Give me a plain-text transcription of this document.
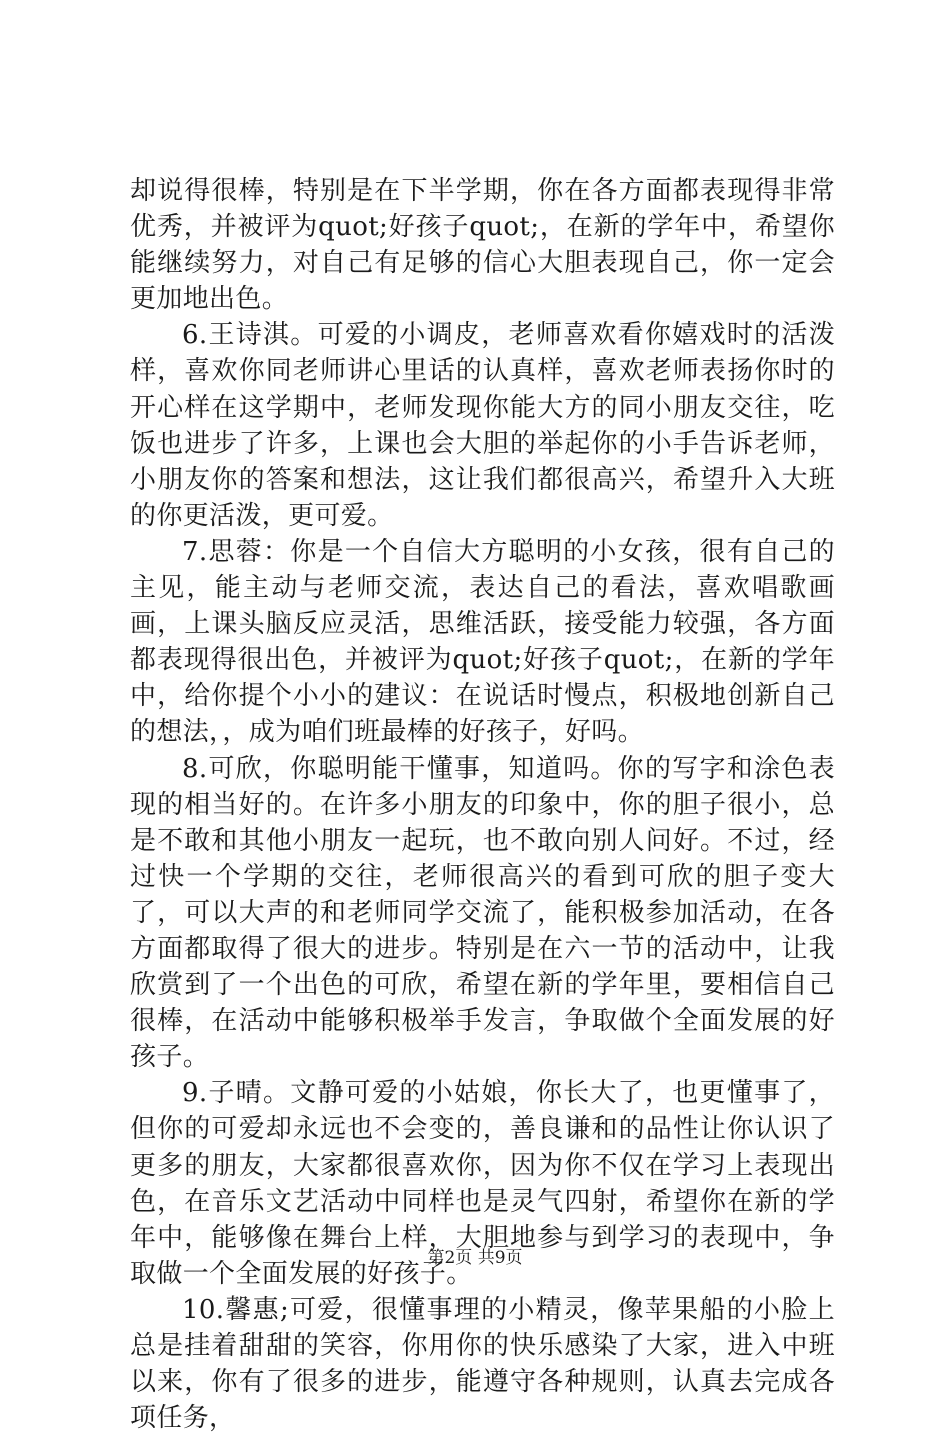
却说得很棒，特别是在下半学期，你在各方面都表现得非常优秀，并被评为quot;好孩子quot;，在新的学年中，希望你能继续努力，对自己有足够的信心大胆表现自己，你一定会更加地出色。

6.王诗淇。可爱的小调皮，老师喜欢看你嬉戏时的活泼样，喜欢你同老师讲心里话的认真样，喜欢老师表扬你时的开心样在这学期中，老师发现你能大方的同小朋友交往，吃饭也进步了许多，上课也会大胆的举起你的小手告诉老师，小朋友你的答案和想法，这让我们都很高兴，希望升入大班的你更活泼，更可爱。

7.思蓉：你是一个自信大方聪明的小女孩，很有自己的主见，能主动与老师交流，表达自己的看法，喜欢唱歌画画，上课头脑反应灵活，思维活跃，接受能力较强，各方面都表现得很出色，并被评为quot;好孩子quot;，在新的学年中，给你提个小小的建议：在说话时慢点，积极地创新自己的想法，，成为咱们班最棒的好孩子，好吗。

8.可欣，你聪明能干懂事，知道吗。你的写字和涂色表现的相当好的。在许多小朋友的印象中，你的胆子很小，总是不敢和其他小朋友一起玩，也不敢向别人问好。不过，经过快一个学期的交往，老师很高兴的看到可欣的胆子变大了，可以大声的和老师同学交流了，能积极参加活动，在各方面都取得了很大的进步。特别是在六一节的活动中，让我欣赏到了一个出色的可欣，希望在新的学年里，要相信自己很棒，在活动中能够积极举手发言，争取做个全面发展的好孩子。

9.子晴。文静可爱的小姑娘，你长大了，也更懂事了，但你的可爱却永远也不会变的，善良谦和的品性让你认识了更多的朋友，大家都很喜欢你，因为你不仅在学习上表现出色，在音乐文艺活动中同样也是灵气四射，希望你在新的学年中，能够像在舞台上样，大胆地参与到学习的表现中，争取做一个全面发展的好孩子。

10.馨惠;可爱，很懂事理的小精灵，像苹果船的小脸上总是挂着甜甜的笑容，你用你的快乐感染了大家，进入中班以来，你有了很多的进步，能遵守各种规则，认真去完成各项任务，

第2页 共9页
